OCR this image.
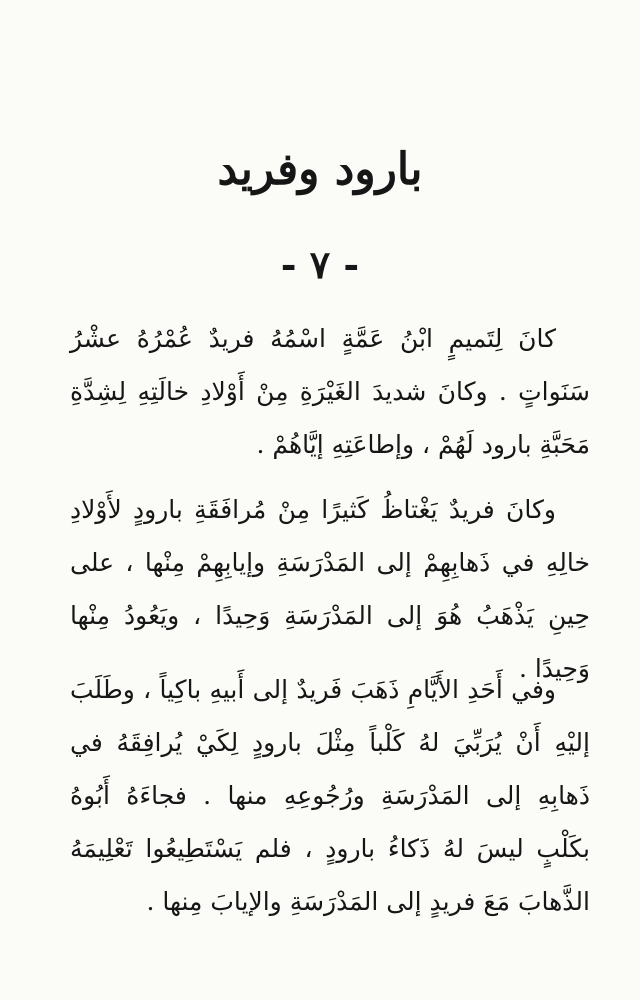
بارود وفريد
- ٧ -

كانَ لِتَميمٍ ابْنُ عَمَّةٍ اسْمُهُ فريدٌ عُمْرُهُ عشْرُ سَنَواتٍ . وكانَ شديدَ الغَيْرَةِ مِنْ أَوْلادِ خالَتِهِ لِشِدَّةِ مَحَبَّةِ بارود لَهُمْ ، وإطاعَتِهِ إيَّاهُمْ .

وكانَ فريدٌ يَغْتاظُ كَثيرًا مِنْ مُرافَقَةِ بارودٍ لأَوْلادِ خالِهِ في ذَهابِهِمْ إلى المَدْرَسَةِ وإيابِهِمْ مِنْها ، على حِينِ يَذْهَبُ هُوَ إلى المَدْرَسَةِ وَحِيدًا ، ويَعُودُ مِنْها وَحِيدًا .

وفي أَحَدِ الأَيَّامِ ذَهَبَ فَريدٌ إلى أَبيهِ باكِياً ، وطَلَبَ إليْهِ أَنْ يُرَبِّيَ لهُ كَلْباً مِثْلَ بارودٍ لِكَيْ يُرافِقَهُ في ذَهابِهِ إلى المَدْرَسَةِ ورُجُوعِهِ منها . فجاءَهُ أَبُوهُ بكَلْبٍ ليسَ لهُ ذَكاءُ بارودٍ ، فلم يَسْتَطِيعُوا تَعْلِيمَهُ الذَّهابَ مَعَ فريدٍ إلى المَدْرَسَةِ والإيابَ مِنها .
